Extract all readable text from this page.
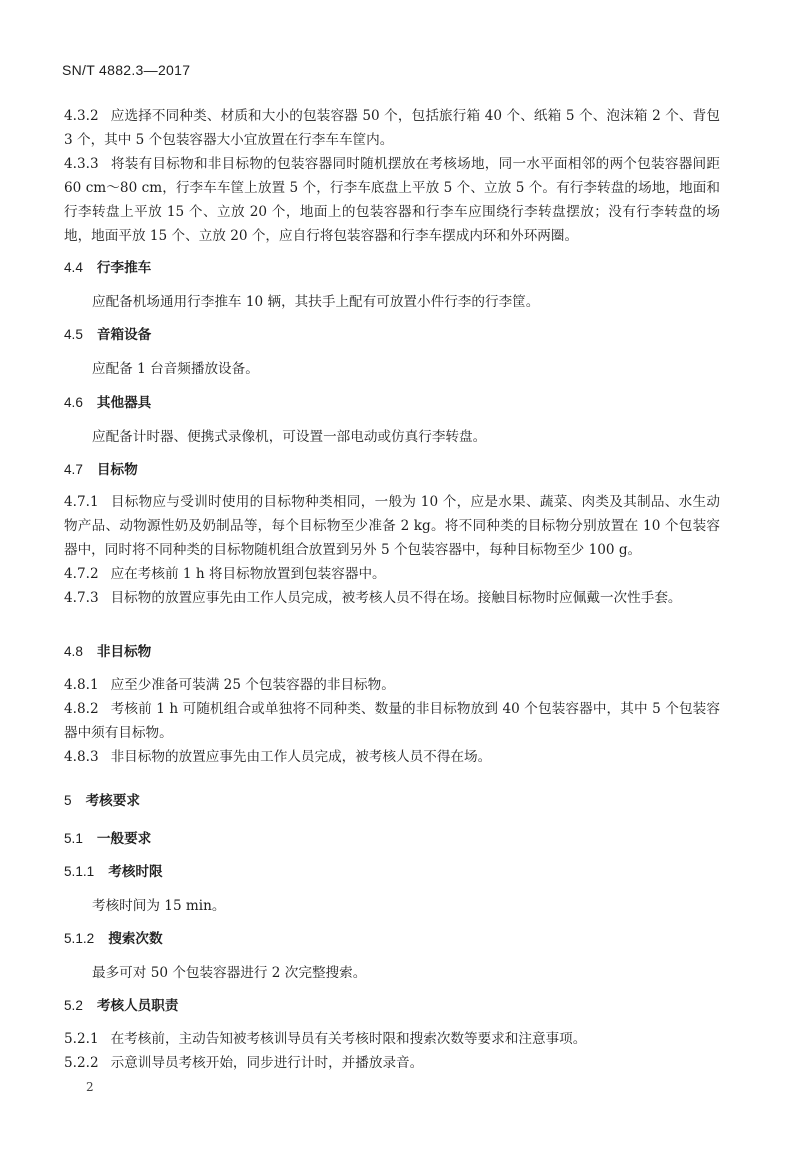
SN/T 4882.3—2017

4.3.2 应选择不同种类、材质和大小的包装容器 50 个，包括旅行箱 40 个、纸箱 5 个、泡沫箱 2 个、背包 3 个，其中 5 个包装容器大小宜放置在行李车车筐内。

4.3.3 将装有目标物和非目标物的包装容器同时随机摆放在考核场地，同一水平面相邻的两个包装容器间距 60 cm～80 cm，行李车车筐上放置 5 个，行李车底盘上平放 5 个、立放 5 个。有行李转盘的场地，地面和行李转盘上平放 15 个、立放 20 个，地面上的包装容器和行李车应围绕行李转盘摆放；没有行李转盘的场地，地面平放 15 个、立放 20 个，应自行将包装容器和行李车摆成内环和外环两圈。

4.4 行李推车
应配备机场通用行李推车 10 辆，其扶手上配有可放置小件行李的行李筐。
4.5 音箱设备
应配备 1 台音频播放设备。
4.6 其他器具
应配备计时器、便携式录像机，可设置一部电动或仿真行李转盘。
4.7 目标物

4.7.1 目标物应与受训时使用的目标物种类相同，一般为 10 个，应是水果、蔬菜、肉类及其制品、水生动物产品、动物源性奶及奶制品等，每个目标物至少准备 2 kg。将不同种类的目标物分别放置在 10 个包装容器中，同时将不同种类的目标物随机组合放置到另外 5 个包装容器中，每种目标物至少 100 g。

4.7.2 应在考核前 1 h 将目标物放置到包装容器中。

4.7.3 目标物的放置应事先由工作人员完成，被考核人员不得在场。接触目标物时应佩戴一次性手套。

4.8 非目标物

4.8.1 应至少准备可装满 25 个包装容器的非目标物。

4.8.2 考核前 1 h 可随机组合或单独将不同种类、数量的非目标物放到 40 个包装容器中，其中 5 个包装容器中须有目标物。

4.8.3 非目标物的放置应事先由工作人员完成，被考核人员不得在场。

5 考核要求
5.1 一般要求
5.1.1 考核时限
考核时间为 15 min。
5.1.2 搜索次数
最多可对 50 个包装容器进行 2 次完整搜索。
5.2 考核人员职责

5.2.1 在考核前，主动告知被考核训导员有关考核时限和搜索次数等要求和注意事项。

5.2.2 示意训导员考核开始，同步进行计时，并播放录音。

2
